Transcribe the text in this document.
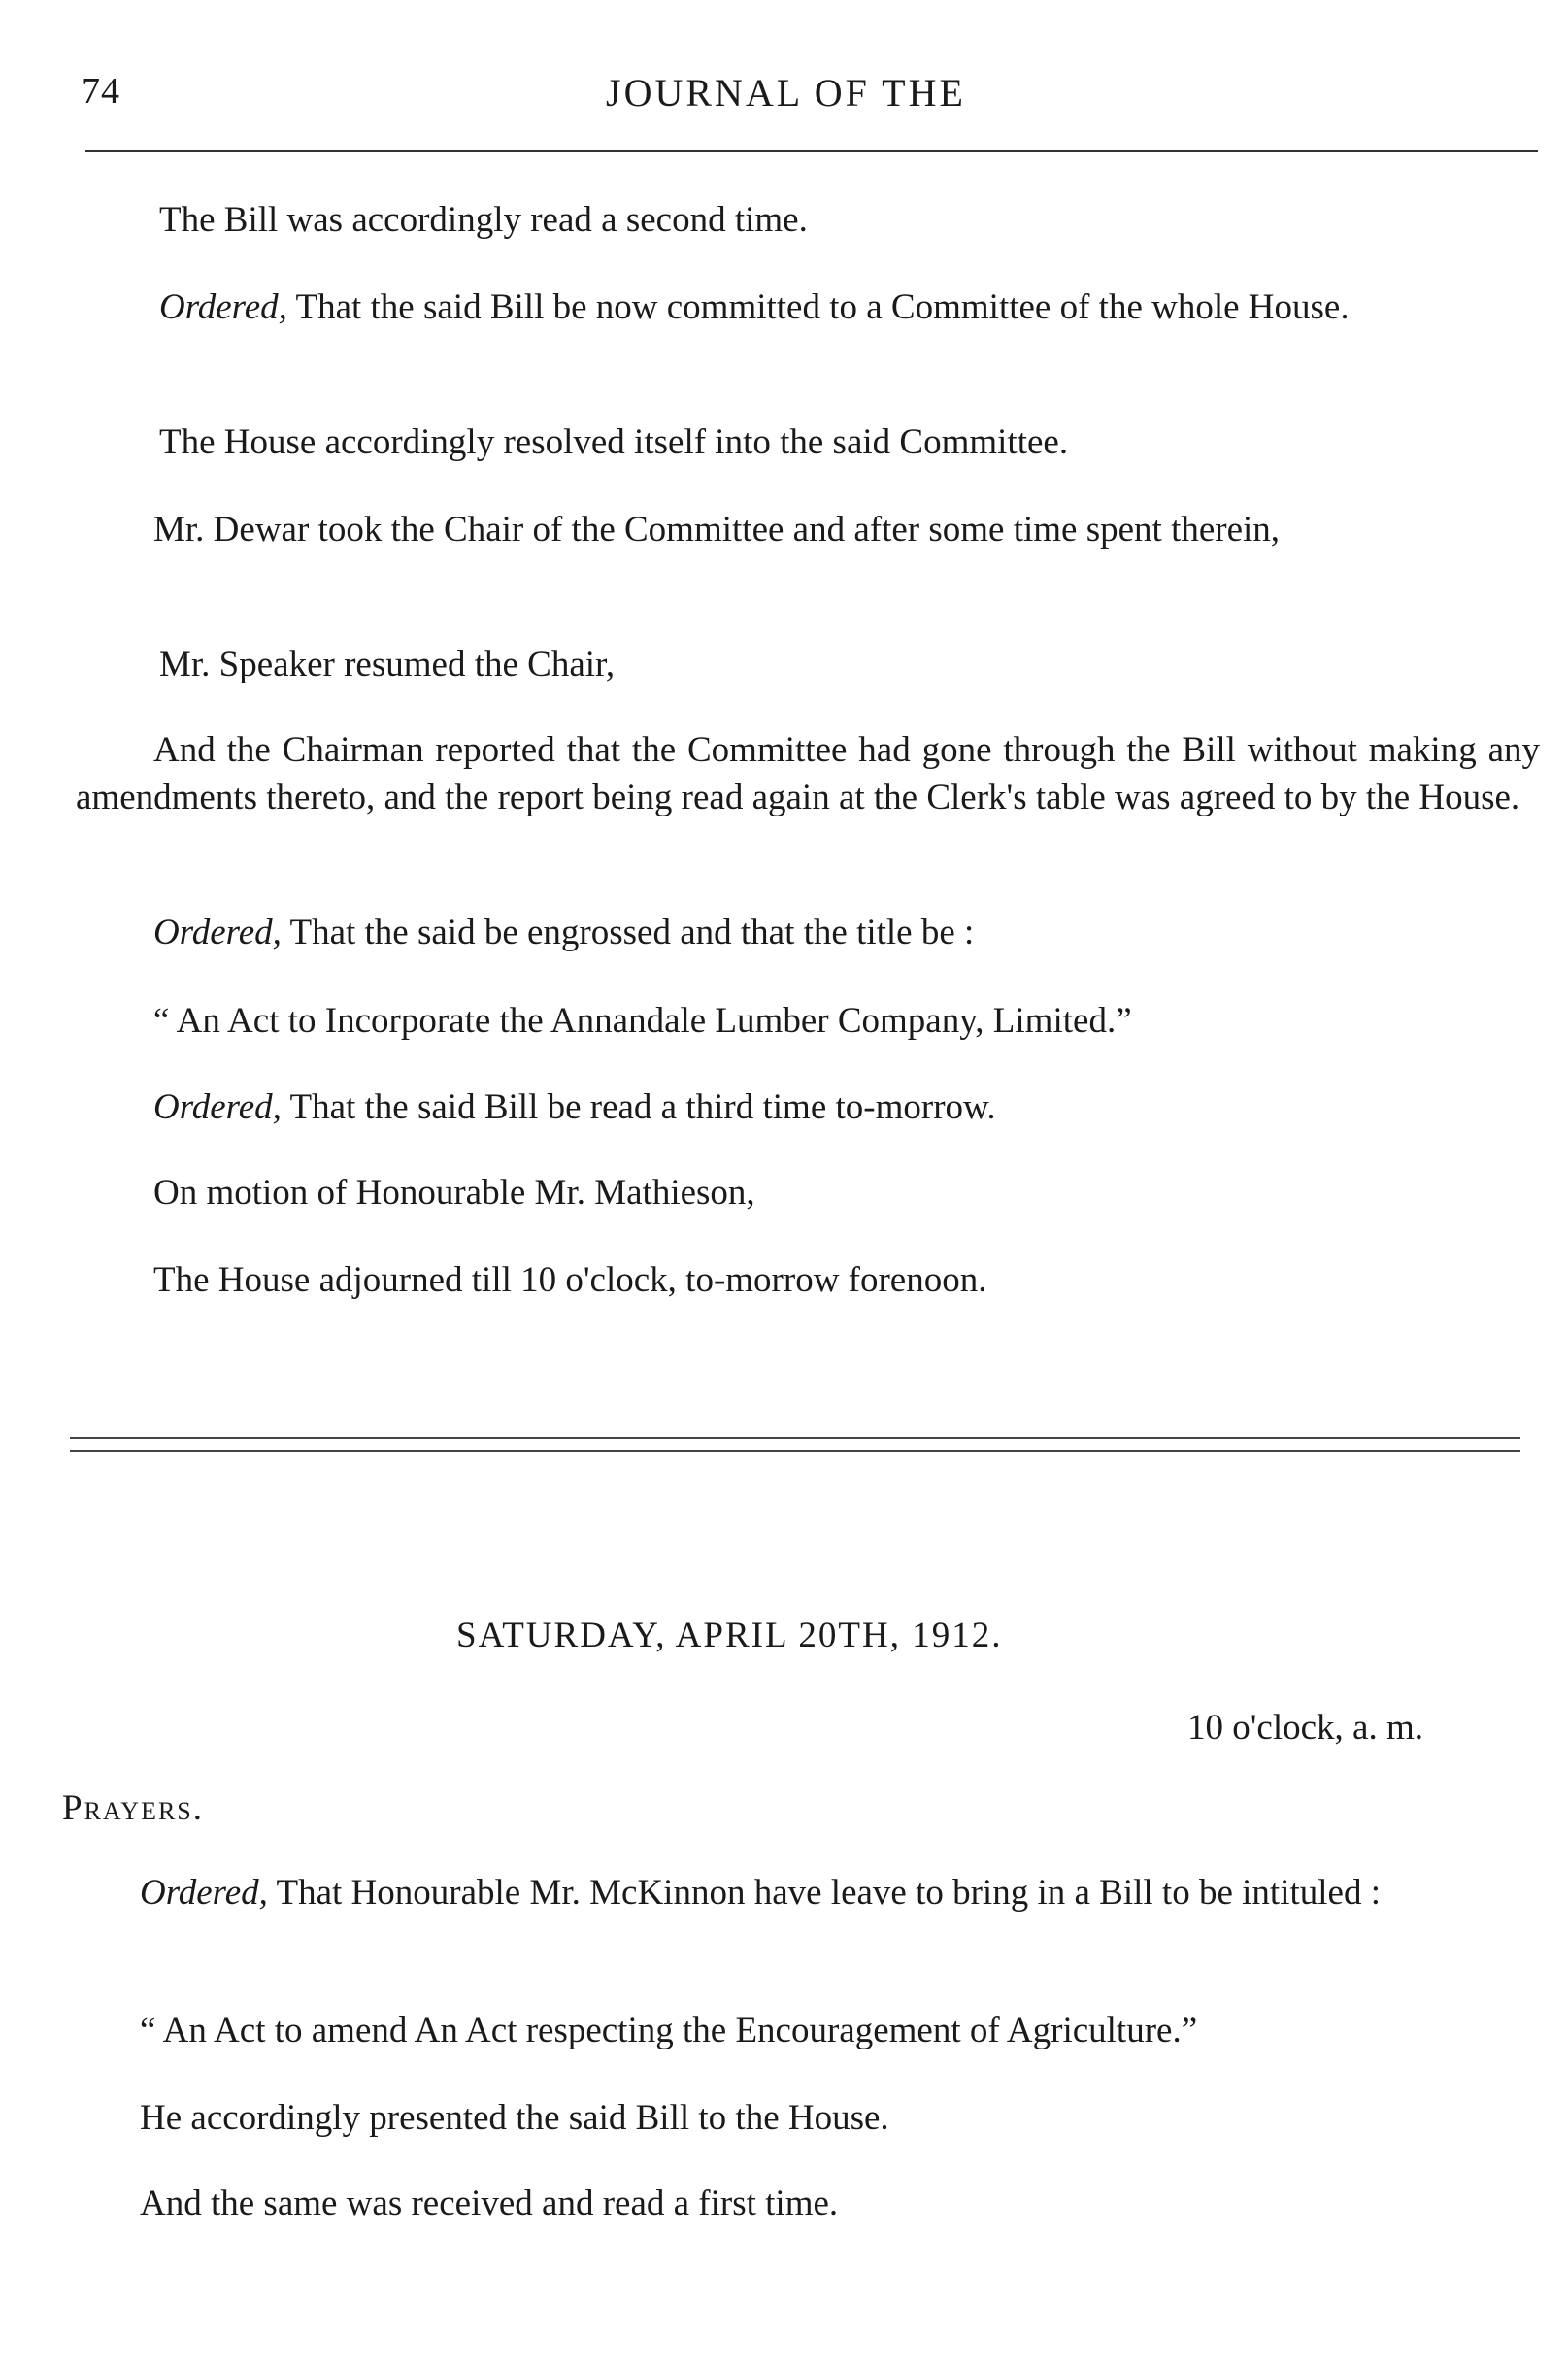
74	JOURNAL OF THE
The Bill was accordingly read a second time.
Ordered, That the said Bill be now committed to a Committee of the whole House.
The House accordingly resolved itself into the said Committee.
Mr. Dewar took the Chair of the Committee and after some time spent therein,
Mr. Speaker resumed the Chair,
And the Chairman reported that the Committee had gone through the Bill without making any amendments thereto, and the report being read again at the Clerk's table was agreed to by the House.
Ordered, That the said be engrossed and that the title be :
“ An Act to Incorporate the Annandale Lumber Company, Limited.”
Ordered, That the said Bill be read a third time to-morrow.
On motion of Honourable Mr. Mathieson,
The House adjourned till 10 o'clock, to-morrow forenoon.
SATURDAY, APRIL 20TH, 1912.
10 o'clock, a. m.
Prayers.
Ordered, That Honourable Mr. McKinnon have leave to bring in a Bill to be intituled :
“ An Act to amend An Act respecting the Encouragement of Agriculture.”
He accordingly presented the said Bill to the House.
And the same was received and read a first time.
